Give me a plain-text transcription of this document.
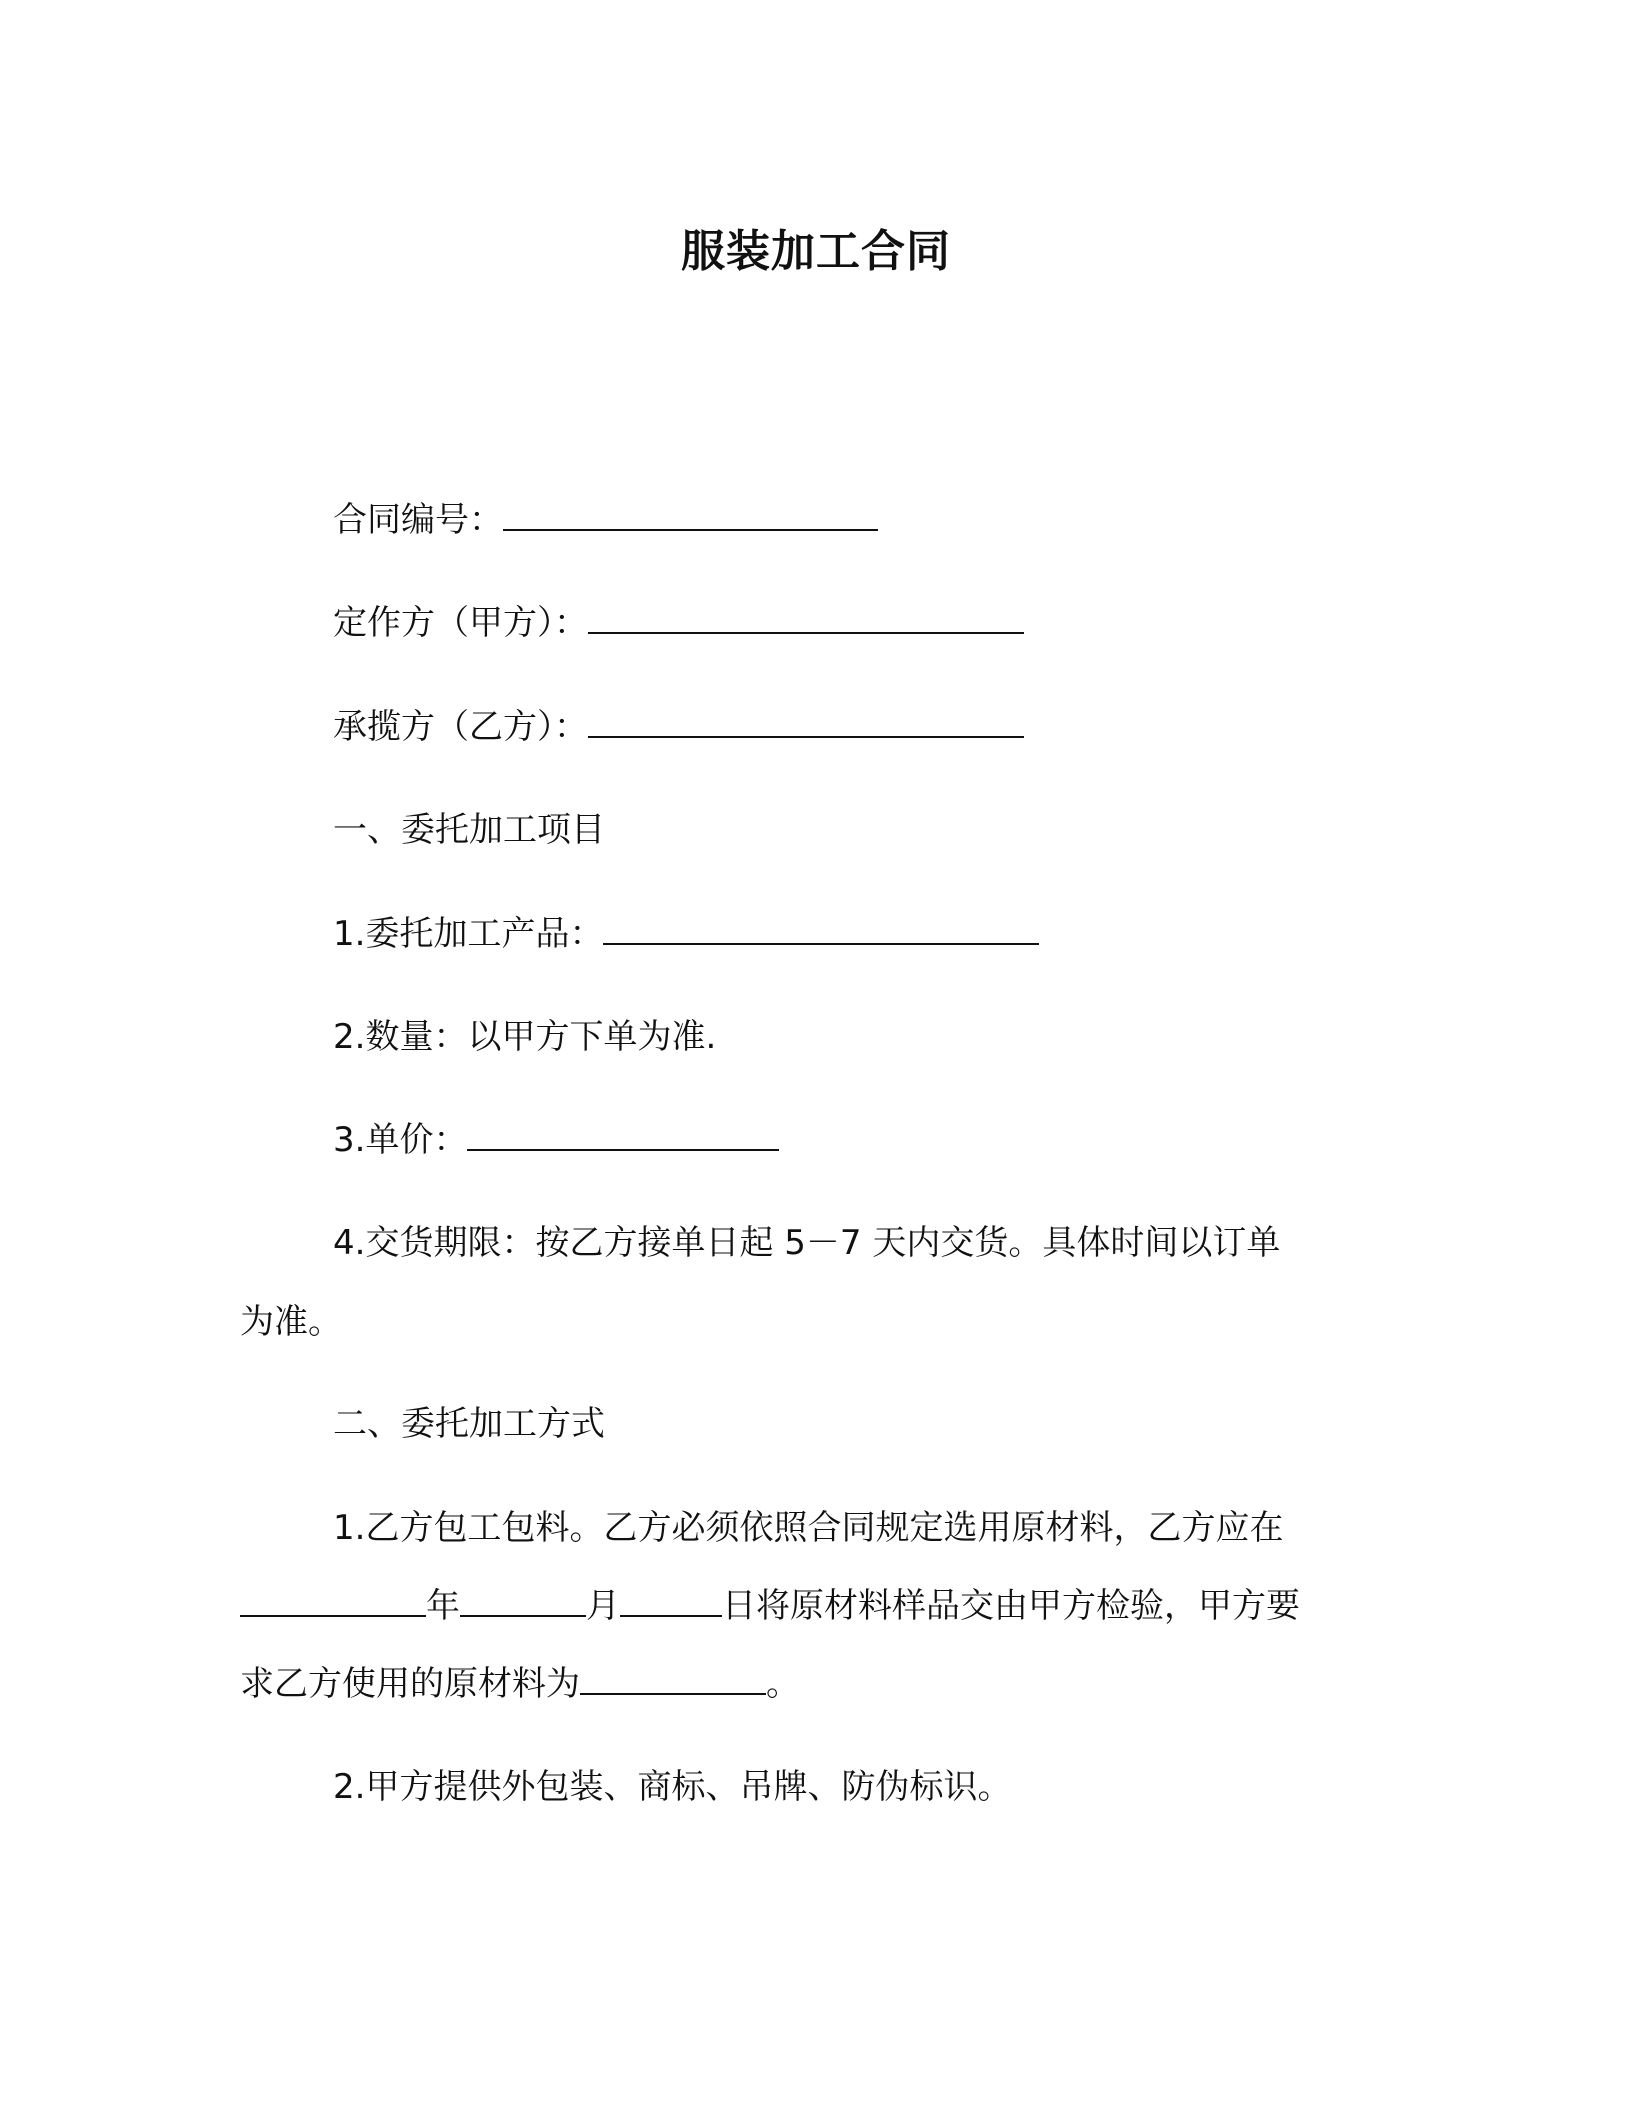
服装加工合同
合同编号：
定作方（甲方）：
承揽方（乙方）：
一、委托加工项目
1.委托加工产品：
2.数量：以甲方下单为准.
3.单价：
4.交货期限：按乙方接单日起 5－7 天内交货。具体时间以订单
为准。
二、委托加工方式
1.乙方包工包料。乙方必须依照合同规定选用原材料，乙方应在
年	月	日将原材料样品交由甲方检验，甲方要
求乙方使用的原材料为	。
2.甲方提供外包装、商标、吊牌、防伪标识。
